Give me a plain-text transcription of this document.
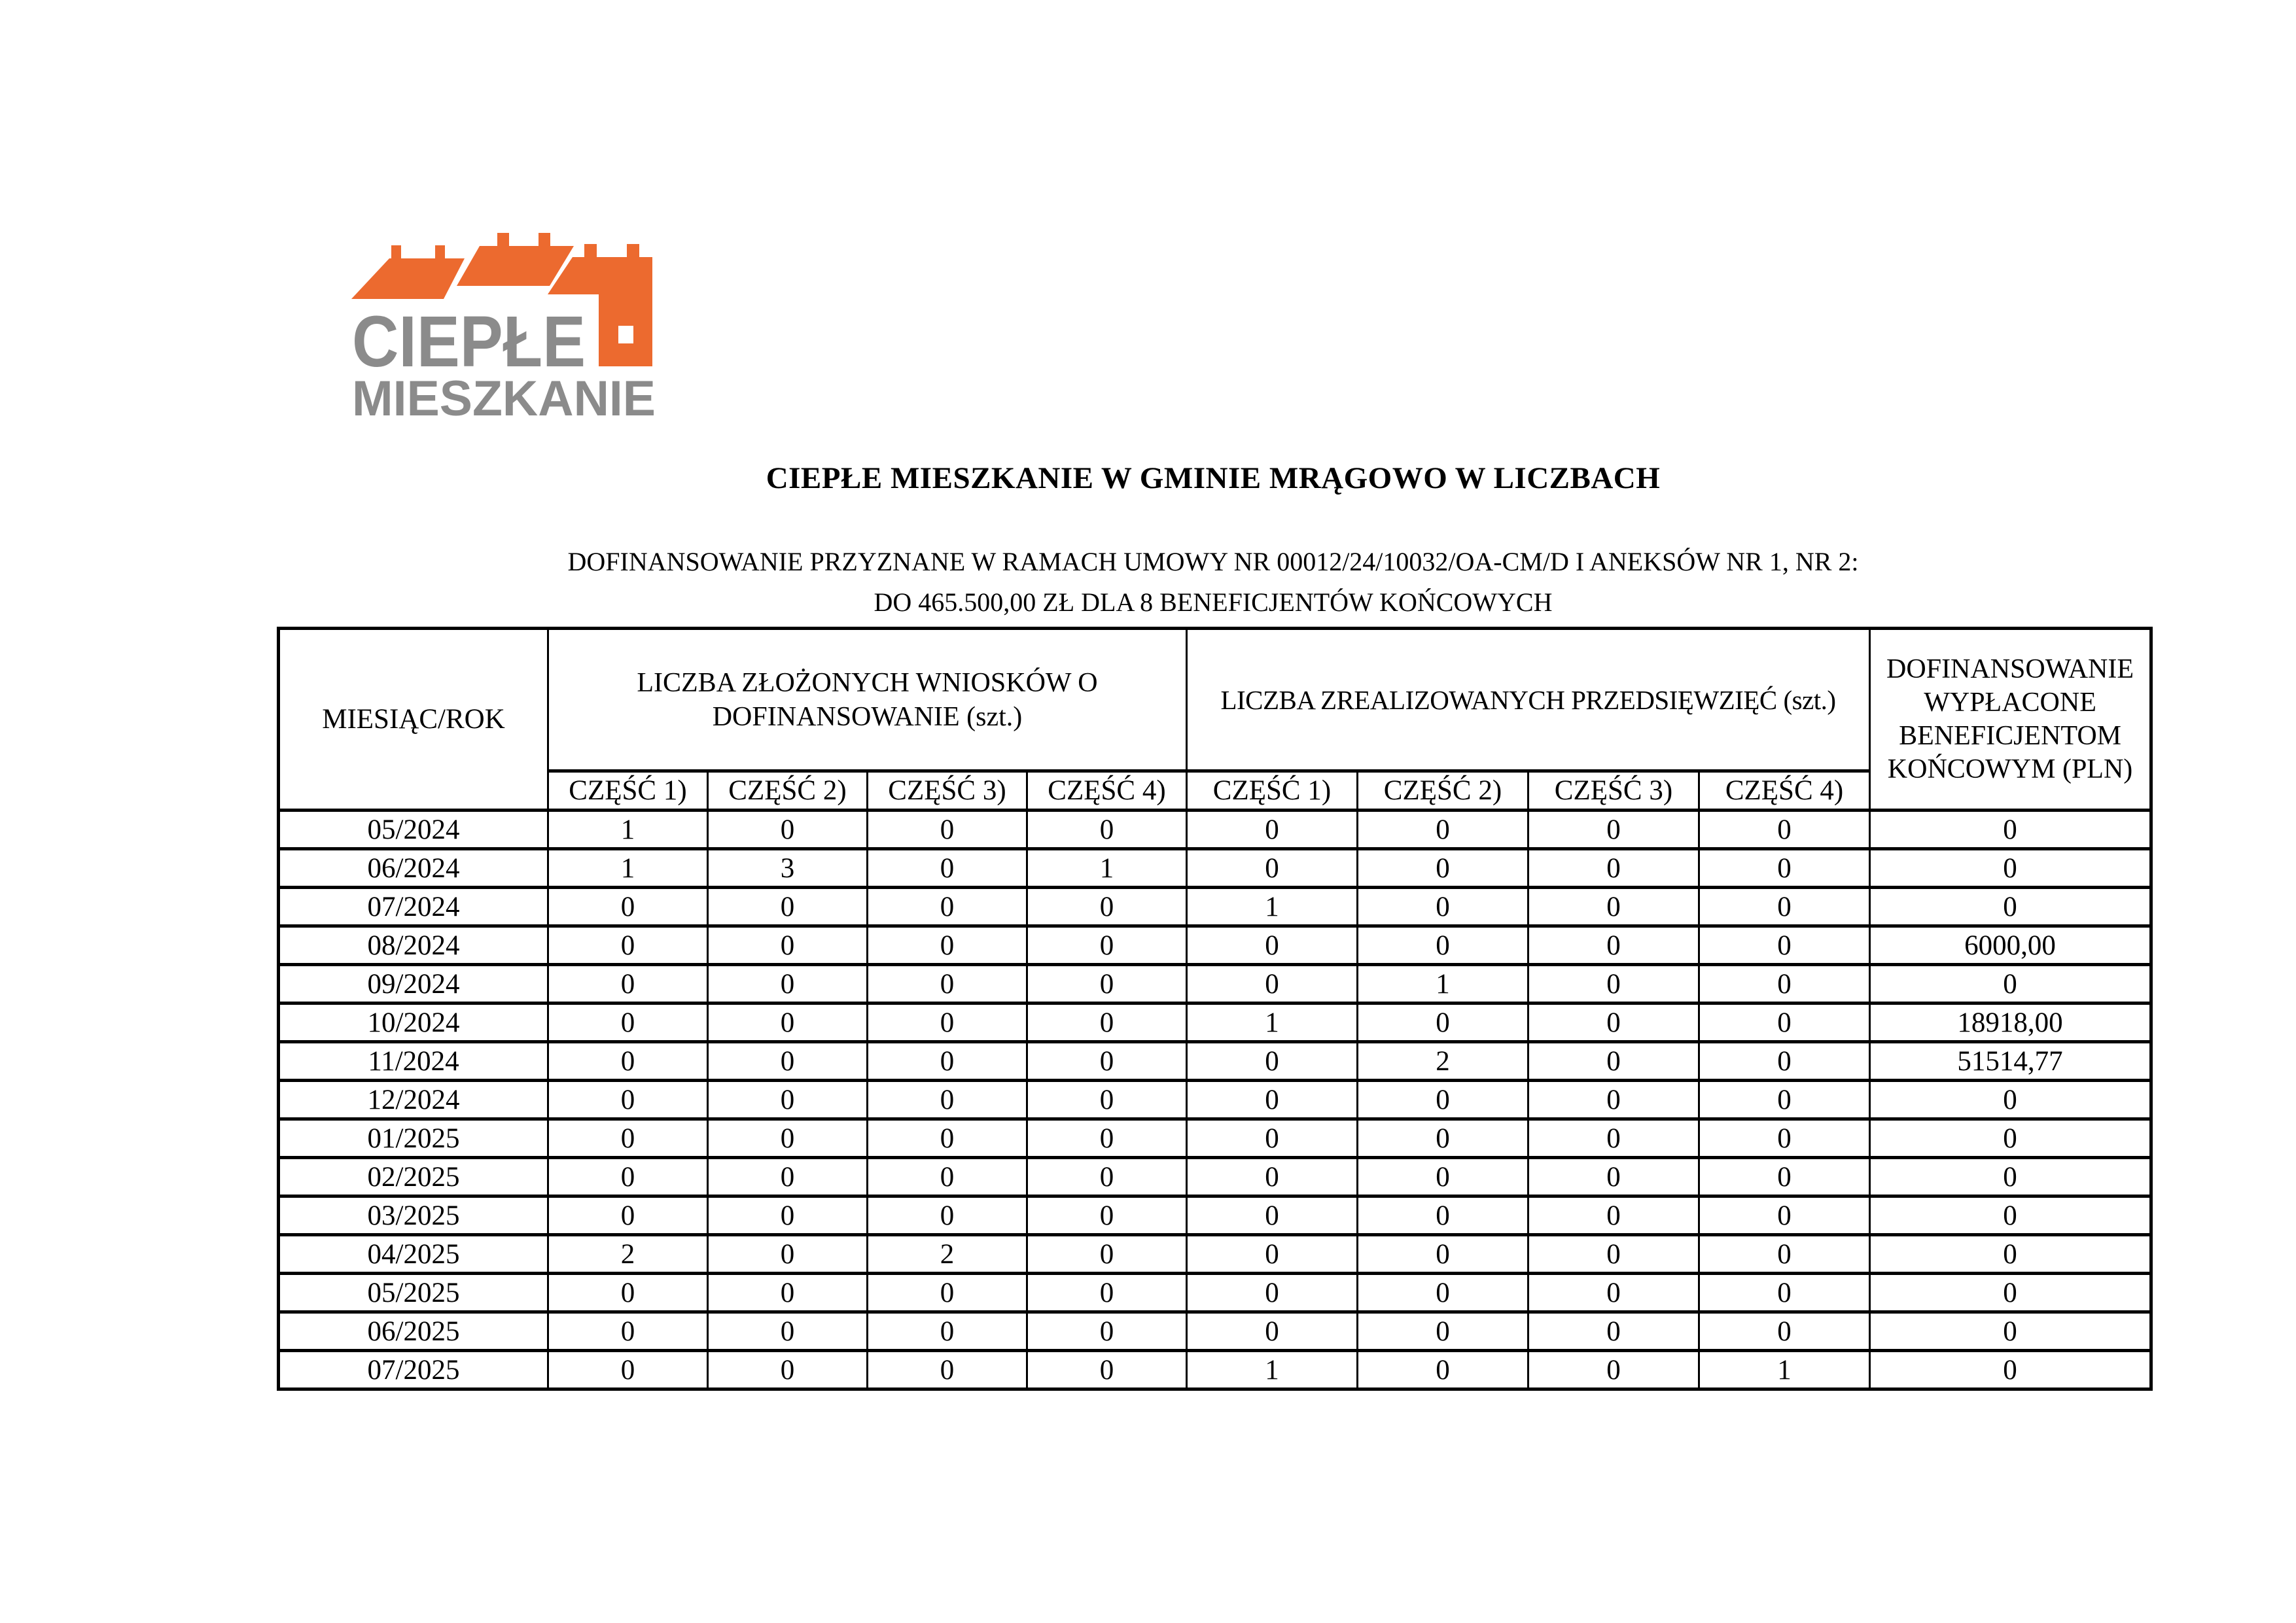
CIEPŁE
MIESZKANIE
CIEPŁE MIESZKANIE W GMINIE MRĄGOWO W LICZBACH
DOFINANSOWANIE PRZYZNANE W RAMACH UMOWY NR 00012/24/10032/OA-CM/D I ANEKSÓW NR 1, NR 2:
DO 465.500,00 ZŁ DLA 8 BENEFICJENTÓW KOŃCOWYCH
MIESIĄC/ROK	LICZBA ZŁOŻONYCH WNIOSKÓW O
DOFINANSOWANIE (szt.)				LICZBA ZREALIZOWANYCH PRZEDSIĘWZIĘĆ (szt.)				DOFINANSOWANIE
WYPŁACONE
BENEFICJENTOM
KOŃCOWYM (PLN)

	CZĘŚĆ 1)	CZĘŚĆ 2)	CZĘŚĆ 3)	CZĘŚĆ 4)	CZĘŚĆ 1)	CZĘŚĆ 2)	CZĘŚĆ 3)	CZĘŚĆ 4)	
05/2024	1	0	0	0	0	0	0	0	0
06/2024	1	3	0	1	0	0	0	0	0
07/2024	0	0	0	0	1	0	0	0	0
08/2024	0	0	0	0	0	0	0	0	6000,00
09/2024	0	0	0	0	0	1	0	0	0
10/2024	0	0	0	0	1	0	0	0	18918,00
11/2024	0	0	0	0	0	2	0	0	51514,77
12/2024	0	0	0	0	0	0	0	0	0
01/2025	0	0	0	0	0	0	0	0	0
02/2025	0	0	0	0	0	0	0	0	0
03/2025	0	0	0	0	0	0	0	0	0
04/2025	2	0	2	0	0	0	0	0	0
05/2025	0	0	0	0	0	0	0	0	0
06/2025	0	0	0	0	0	0	0	0	0
07/2025	0	0	0	0	1	0	0	1	0
